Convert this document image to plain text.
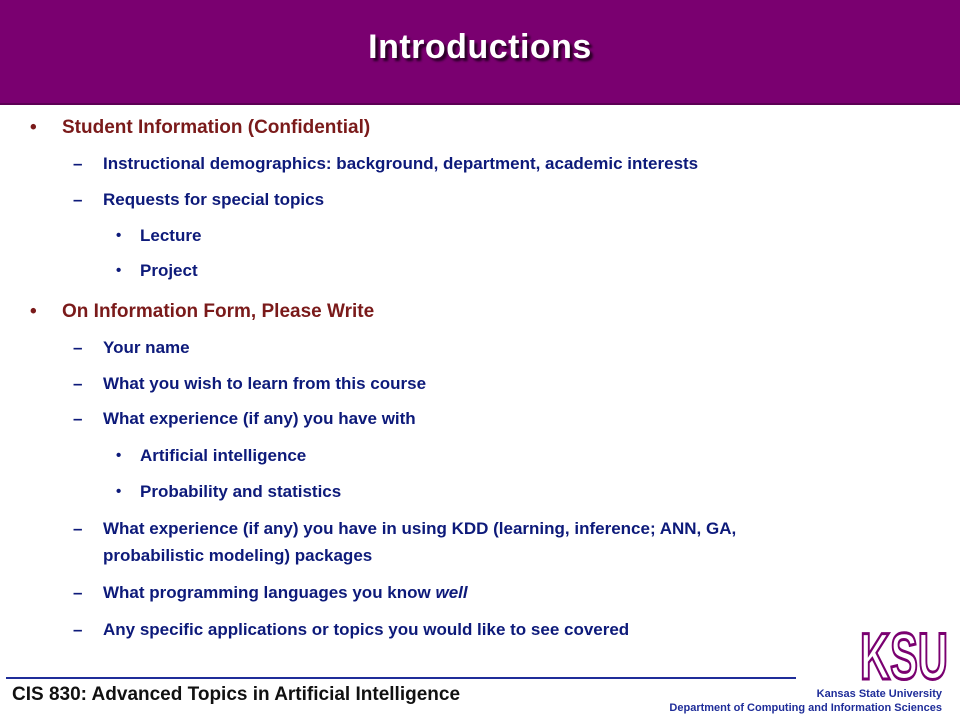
Introductions
• Student Information (Confidential)
– Instructional demographics: background, department, academic interests
– Requests for special topics
• Lecture
• Project
• On Information Form, Please Write
– Your name
– What you wish to learn from this course
– What experience (if any) you have with
• Artificial intelligence
• Probability and statistics
– What experience (if any) you have in using KDD (learning, inference; ANN, GA,
probabilistic modeling) packages
– What programming languages you know well
– Any specific applications or topics you would like to see covered	KSU
CIS 830: Advanced Topics in Artificial Intelligence	Kansas State University
Department of Computing and Information Sciences
